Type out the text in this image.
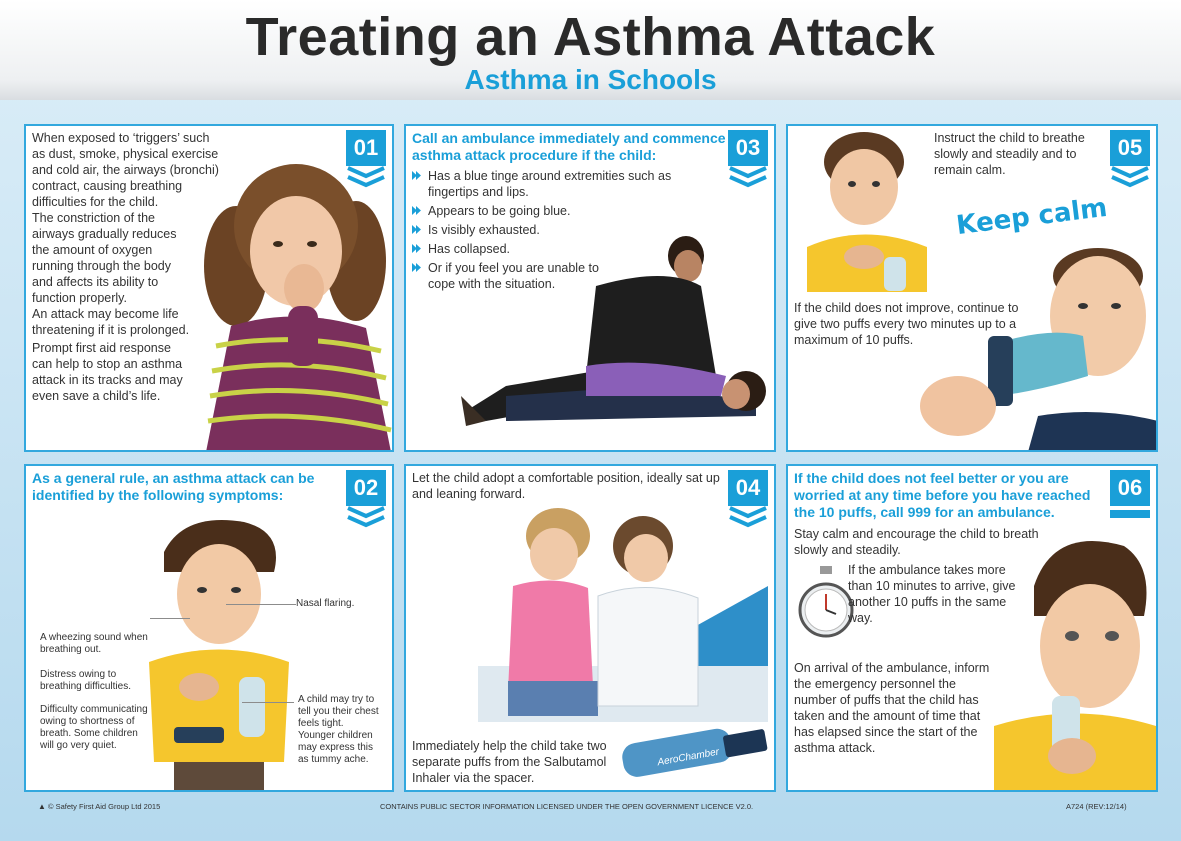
Treating an Asthma Attack
Asthma in Schools
01
When exposed to ‘triggers’ such as dust, smoke, physical exercise and cold air, the airways (bronchi) contract, causing breathing difficulties for the child.
The constriction of the airways gradually reduces the amount of oxygen running through the body and affects its ability to function properly.
An attack may become life threatening if it is prolonged.
Prompt first aid response can help to stop an asthma attack in its tracks and may even save a child’s life.
03
Call an ambulance immediately and commence asthma attack procedure if the child:
Has a blue tinge around extremities such as fingertips and lips.
Appears to be going blue.
Is visibly exhausted.
Has collapsed.
Or if you feel you are unable to cope with the situation.
05
Instruct the child to breathe slowly and steadily and to remain calm.
If the child does not improve, continue to give two puffs every two minutes up to a maximum of 10 puffs.
Keep calm
02
As a general rule, an asthma attack can be identified by the following symptoms:
Nasal flaring.
A wheezing sound when breathing out.
Distress owing to breathing difficulties.
Difficulty communicating owing to shortness of breath. Some children will go very quiet.
A child may try to tell you their chest feels tight. Younger children may express this as tummy ache.
04
Let the child adopt a comfortable position, ideally sat up and leaning forward.
Immediately help the child take two separate puffs from the Salbutamol Inhaler via the spacer.
AeroChamber
06
If the child does not feel better or you are worried at any time before you have reached the 10 puffs, call 999 for an ambulance.
Stay calm and encourage the child to breath slowly and steadily.
If the ambulance takes more than 10 minutes to arrive, give another 10 puffs in the same way.
On arrival of the ambulance, inform the emergency personnel the number of puffs that the child has taken and the amount of time that has elapsed since the start of the asthma attack.
▲ © Safety First Aid Group Ltd 2015	CONTAINS PUBLIC SECTOR INFORMATION LICENSED UNDER THE OPEN GOVERNMENT LICENCE V2.0.	A724 (REV:12/14)
